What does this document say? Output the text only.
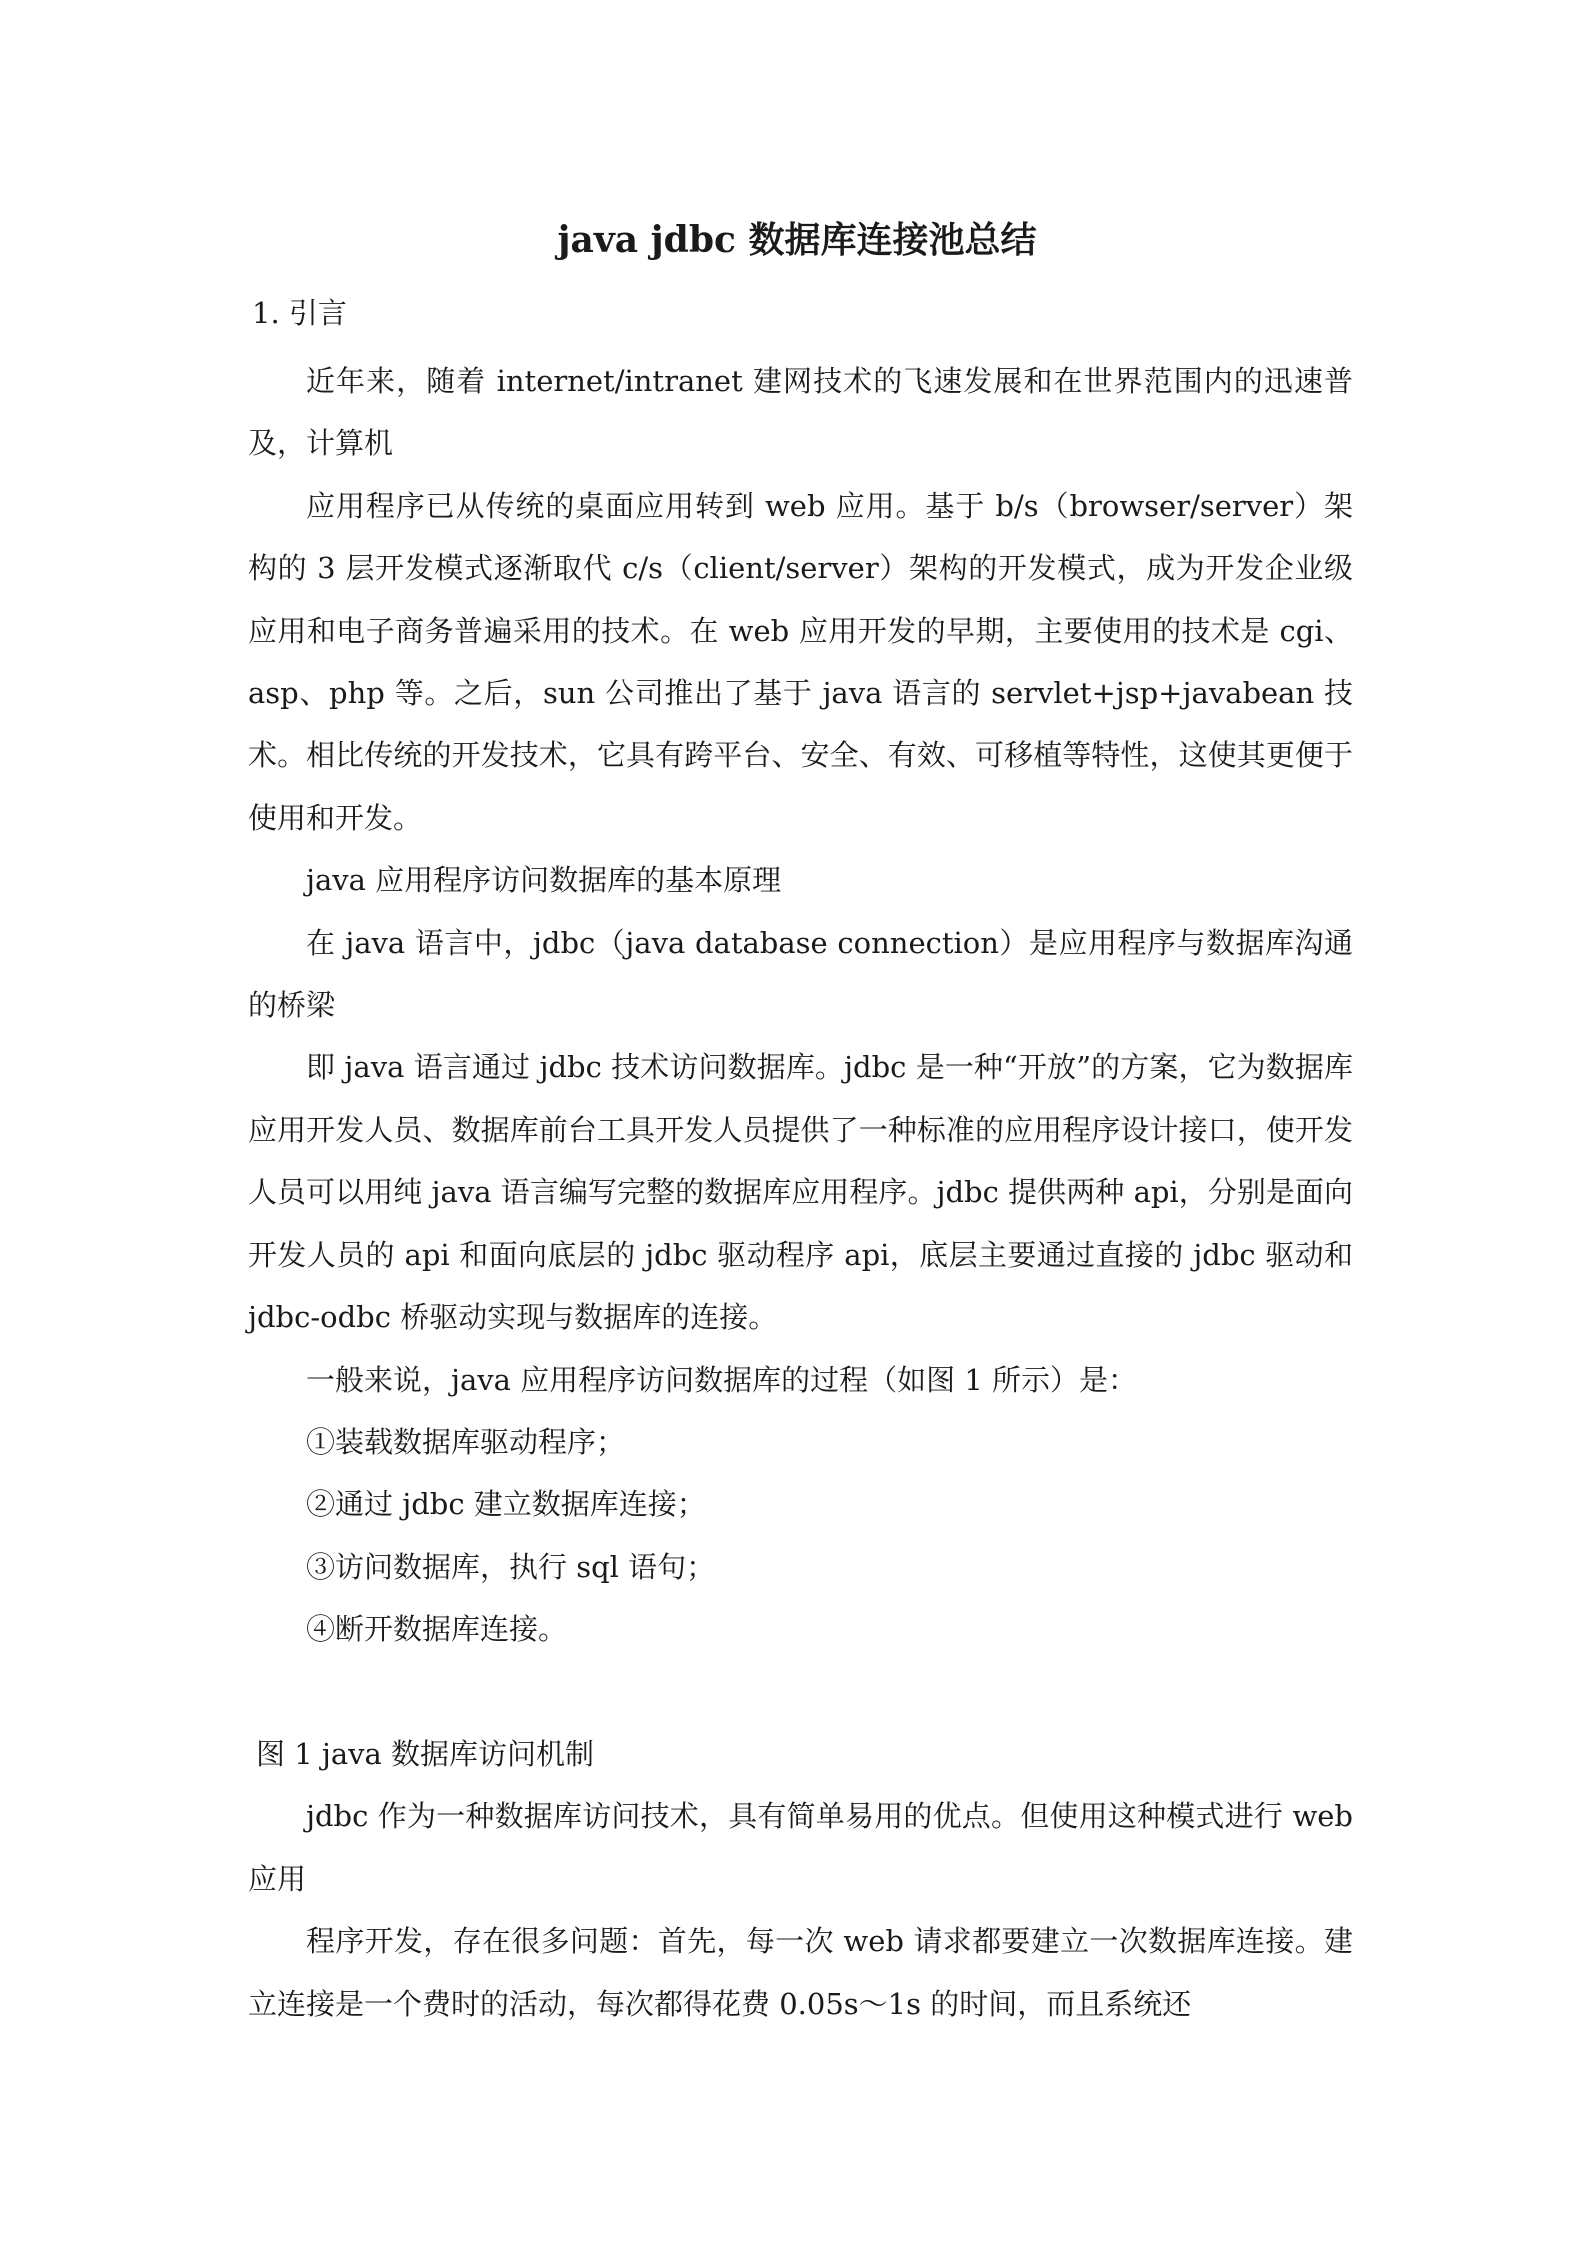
java jdbc 数据库连接池总结
1. 引言

近年来，随着 internet/intranet 建网技术的飞速发展和在世界范围内的迅速普及，计算机

应用程序已从传统的桌面应用转到 web 应用。基于 b/s（browser/server）架构的 3 层开发模式逐渐取代 c/s（client/server）架构的开发模式，成为开发企业级应用和电子商务普遍采用的技术。在 web 应用开发的早期，主要使用的技术是 cgi、asp、php 等。之后，sun 公司推出了基于 java 语言的 servlet+jsp+javabean 技术。相比传统的开发技术，它具有跨平台、安全、有效、可移植等特性，这使其更便于使用和开发。

java 应用程序访问数据库的基本原理

在 java 语言中，jdbc（java database connection）是应用程序与数据库沟通的桥梁

即 java 语言通过 jdbc 技术访问数据库。jdbc 是一种“开放”的方案，它为数据库应用开发人员、数据库前台工具开发人员提供了一种标准的应用程序设计接口，使开发人员可以用纯 java 语言编写完整的数据库应用程序。jdbc 提供两种 api，分别是面向开发人员的 api 和面向底层的 jdbc 驱动程序 api，底层主要通过直接的 jdbc 驱动和 jdbc-odbc 桥驱动实现与数据库的连接。

一般来说，java 应用程序访问数据库的过程（如图 1 所示）是：

①装载数据库驱动程序；

②通过 jdbc 建立数据库连接；

③访问数据库，执行 sql 语句；

④断开数据库连接。

图 1 java 数据库访问机制

jdbc 作为一种数据库访问技术，具有简单易用的优点。但使用这种模式进行 web 应用

程序开发，存在很多问题：首先，每一次 web 请求都要建立一次数据库连接。建立连接是一个费时的活动，每次都得花费 0.05s～1s 的时间，而且系统还
